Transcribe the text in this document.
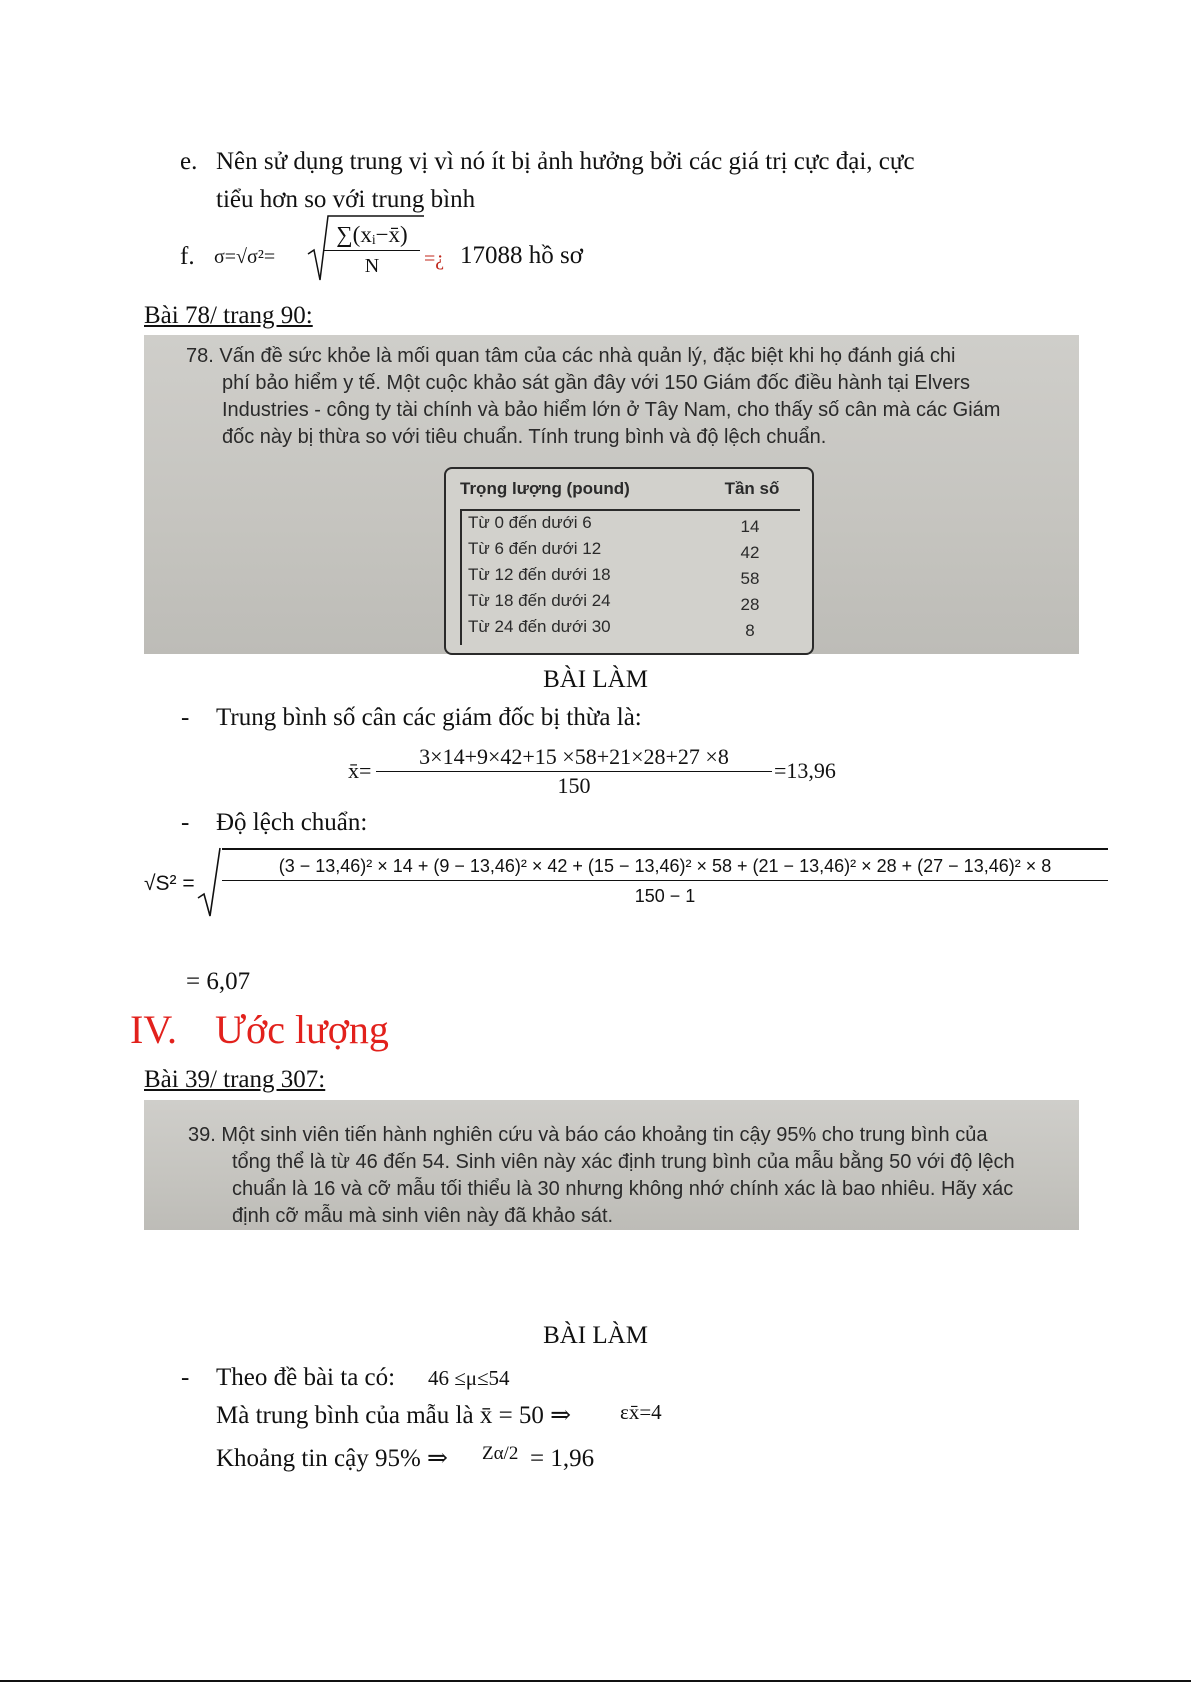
e. Nên sử dụng trung vị vì nó ít bị ảnh hưởng bởi các giá trị cực đại, cực
tiểu hơn so với trung bình
f. $\sigma=√\sigma^2= \frac{\text{∑(xᵢ−x̄)}}{N}$ =¿ 17088 hồ sơ
Bài 78/ trang 90:

78. Vấn đề sức khỏe là mối quan tâm của các nhà quản lý, đặc biệt khi họ đánh giá chi

phí bảo hiểm y tế. Một cuộc khảo sát gần đây với 150 Giám đốc điều hành tại Elvers

Industries - công ty tài chính và bảo hiểm lớn ở Tây Nam, cho thấy số cân mà các Giám

đốc này bị thừa so với tiêu chuẩn. Tính trung bình và độ lệch chuẩn.

Trọng lượng (pound)	Tần số
Từ 0 đến dưới 6	14
Từ 6 đến dưới 12	42
Từ 12 đến dưới 18	58
Từ 18 đến dưới 24	28
Từ 24 đến dưới 30	8
BÀI LÀM
- Trung bình số cân các giám đốc bị thừa là:
x̄= $\frac{3\times 14+9\times 42+15 \times 58+21\times 28+27 \times 8}{150} =13,96$
- Độ lệch chuẩn:
√S² =
(3 − 13,46)² × 14 + (9 − 13,46)² × 42 + (15 − 13,46)² × 58 + (21 − 13,46)² × 28 + (27 − 13,46)² × 8
150 − 1
= 6,07
IV. Ước lượng
Bài 39/ trang 307:

39. Một sinh viên tiến hành nghiên cứu và báo cáo khoảng tin cậy 95% cho trung bình của

tổng thể là từ 46 đến 54. Sinh viên này xác định trung bình của mẫu bằng 50 với độ lệch

chuẩn là 16 và cỡ mẫu tối thiểu là 30 nhưng không nhớ chính xác là bao nhiêu. Hãy xác

định cỡ mẫu mà sinh viên này đã khảo sát.

BÀI LÀM
- Theo đề bài ta có: 46 ≤μ≤54
Mà trung bình của mẫu là x̄ = 50 ⇒ εx̄=4
Khoảng tin cậy 95% ⇒ Zα/2 = 1,96
